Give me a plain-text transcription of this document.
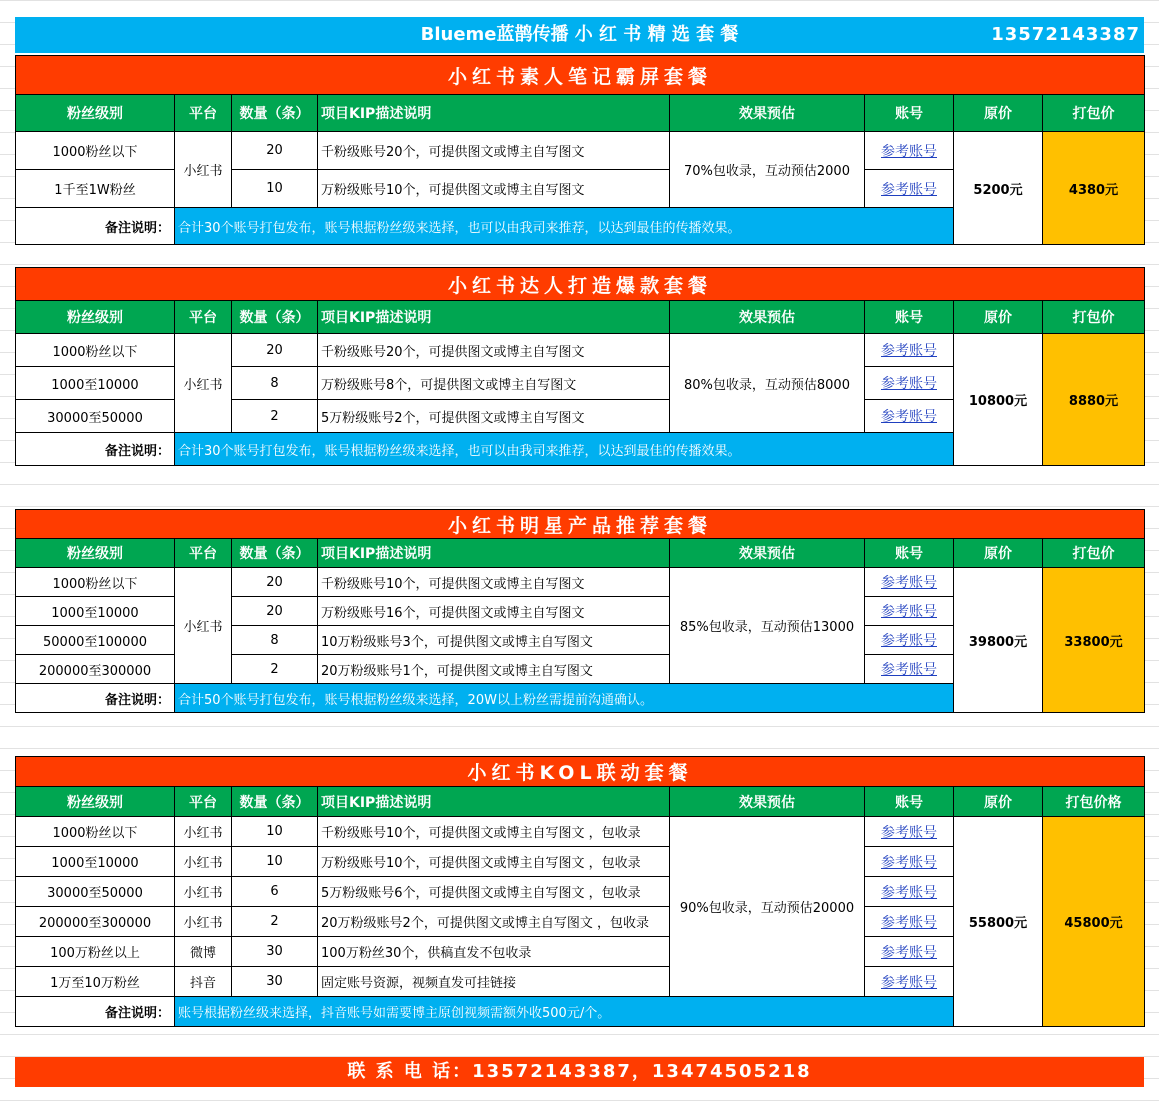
Blueme蓝鹊传播 小 红 书 精 选 套 餐	13572143387
小红书素人笔记霸屏套餐							
粉丝级别	平台	数量（条）	项目KIP描述说明	效果预估	账号	原价	打包价
1000粉丝以下	小红书	20	千粉级账号20个，可提供图文或博主自写图文	70%包收录，互动预估2000	参考账号	5200元	4380元
1千至1W粉丝		10	万粉级账号10个，可提供图文或博主自写图文		参考账号		
备注说明：	合计30个账号打包发布，账号根据粉丝级来选择，也可以由我司来推荐，以达到最佳的传播效果。						
小红书达人打造爆款套餐							
粉丝级别	平台	数量（条）	项目KIP描述说明	效果预估	账号	原价	打包价
1000粉丝以下	小红书	20	千粉级账号20个，可提供图文或博主自写图文	80%包收录，互动预估8000	参考账号	10800元	8880元
1000至10000		8	万粉级账号8个，可提供图文或博主自写图文		参考账号		
30000至50000		2	5万粉级账号2个，可提供图文或博主自写图文		参考账号		
备注说明：	合计30个账号打包发布，账号根据粉丝级来选择，也可以由我司来推荐，以达到最佳的传播效果。						
小红书明星产品推荐套餐							
粉丝级别	平台	数量（条）	项目KIP描述说明	效果预估	账号	原价	打包价
1000粉丝以下	小红书	20	千粉级账号10个，可提供图文或博主自写图文	85%包收录，互动预估13000	参考账号	39800元	33800元
1000至10000		20	万粉级账号16个，可提供图文或博主自写图文		参考账号		
50000至100000		8	10万粉级账号3个，可提供图文或博主自写图文		参考账号		
200000至300000		2	20万粉级账号1个，可提供图文或博主自写图文		参考账号		
备注说明：	合计50个账号打包发布，账号根据粉丝级来选择，20W以上粉丝需提前沟通确认。						
小红书KOL联动套餐							
粉丝级别	平台	数量（条）	项目KIP描述说明	效果预估	账号	原价	打包价格
1000粉丝以下	小红书	10	千粉级账号10个，可提供图文或博主自写图文 ，包收录	90%包收录，互动预估20000	参考账号	55800元	45800元
1000至10000	小红书	10	万粉级账号10个，可提供图文或博主自写图文 ，包收录		参考账号		
30000至50000	小红书	6	5万粉级账号6个，可提供图文或博主自写图文 ，包收录		参考账号		
200000至300000	小红书	2	20万粉级账号2个，可提供图文或博主自写图文 ，包收录		参考账号		
100万粉丝以上	微博	30	100万粉丝30个，供稿直发不包收录		参考账号		
1万至10万粉丝	抖音	30	固定账号资源，视频直发可挂链接		参考账号		
备注说明：	账号根据粉丝级来选择，抖音账号如需要博主原创视频需额外收500元/个。						
联 系 电 话：13572143387，13474505218
